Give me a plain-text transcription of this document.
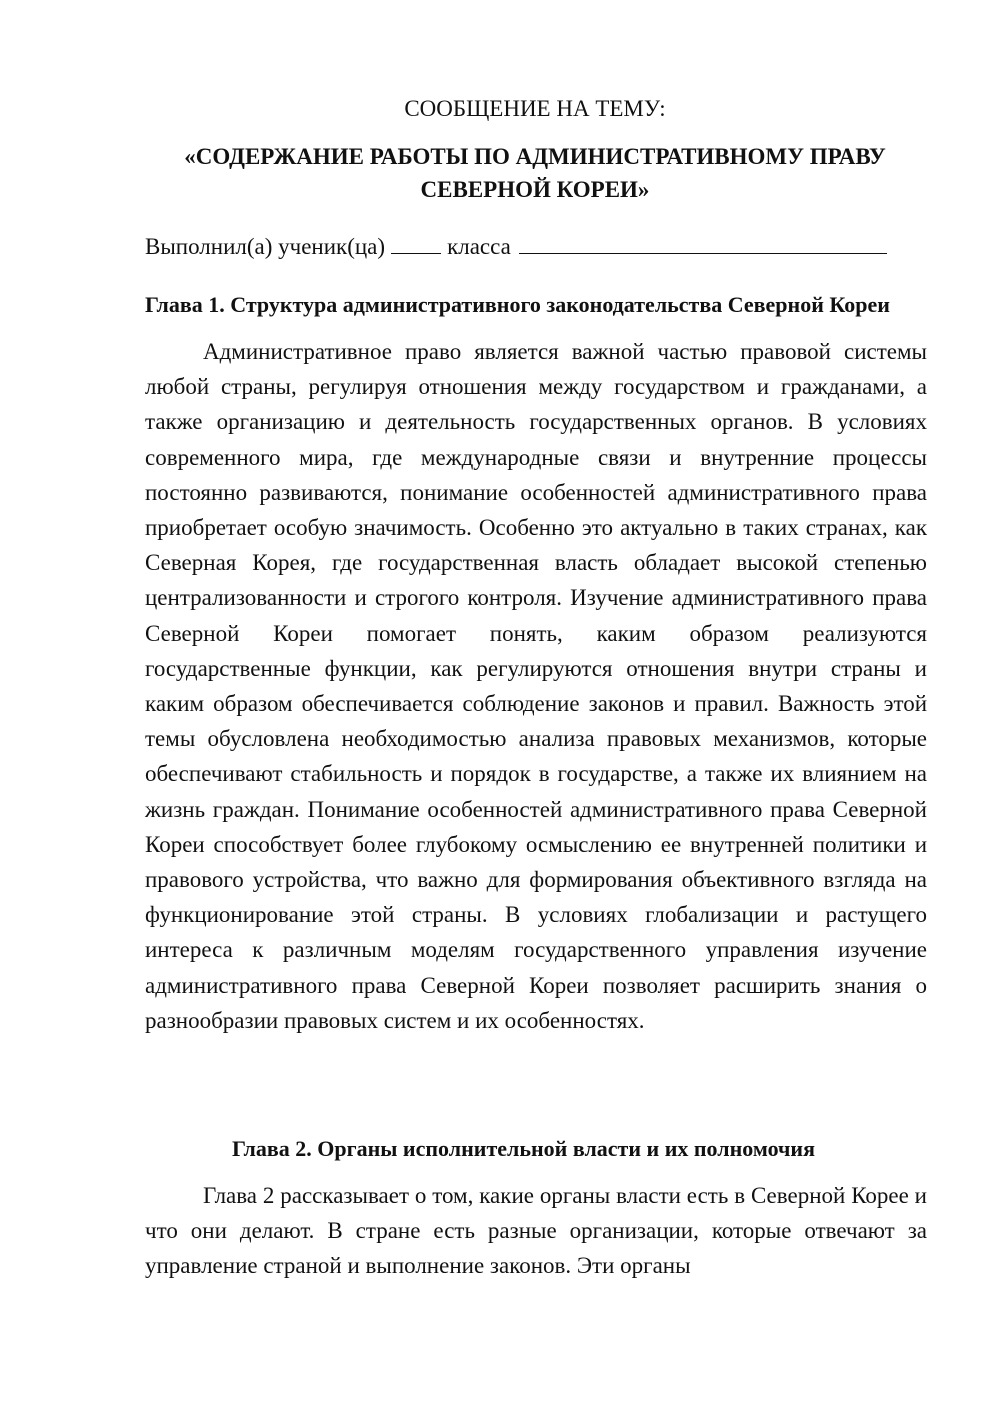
СООБЩЕНИЕ НА ТЕМУ:

«СОДЕРЖАНИЕ РАБОТЫ ПО АДМИНИСТРАТИВНОМУ ПРАВУ

СЕВЕРНОЙ КОРЕИ»

Выполнил(а) ученик(ца)	класса
Глава 1. Структура административного законодательства Северной Кореи

Административное право является важной частью правовой системы любой страны, регулируя отношения между государством и гражданами, а также организацию и деятельность государственных органов. В условиях современного мира, где международные связи и внутренние процессы постоянно развиваются, понимание особенностей административного права приобретает особую значимость. Особенно это актуально в таких странах, как Северная Корея, где государственная власть обладает высокой степенью централизованности и строгого контроля. Изучение административного права Северной Кореи помогает понять, каким образом реализуются государственные функции, как регулируются отношения внутри страны и каким образом обеспечивается соблюдение законов и правил. Важность этой темы обусловлена необходимостью анализа правовых механизмов, которые обеспечивают стабильность и порядок в государстве, а также их влиянием на жизнь граждан. Понимание особенностей административного права Северной Кореи способствует более глубокому осмыслению ее внутренней политики и правового устройства, что важно для формирования объективного взгляда на функционирование этой страны. В условиях глобализации и растущего интереса к различным моделям государственного управления изучение административного права Северной Кореи позволяет расширить знания о разнообразии правовых систем и их особенностях.

Глава 2. Органы исполнительной власти и их полномочия

Глава 2 рассказывает о том, какие органы власти есть в Северной Корее и что они делают. В стране есть разные организации, которые отвечают за управление страной и выполнение законов. Эти органы
